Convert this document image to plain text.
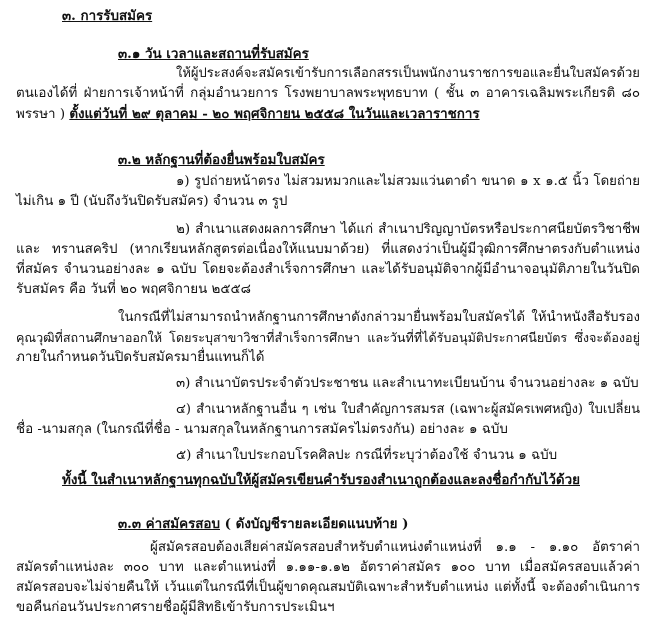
๓. การรับสมัคร
๓.๑ วัน เวลาและสถานที่รับสมัคร
ให้ผู้ประสงค์จะสมัครเข้ารับการเลือกสรรเป็นพนักงานราชการขอและยื่นใบสมัครด้วย
ตนเองได้ที่ ฝ่ายการเจ้าหน้าที่ กลุ่มอำนวยการ โรงพยาบาลพระพุทธบาท ( ชั้น ๓ อาคารเฉลิมพระเกียรติ ๘๐
พรรษา ) ตั้งแต่วันที่ ๒๙ ตุลาคม - ๒๐ พฤศจิกายน ๒๕๕๘ ในวันและเวลาราชการ
๓.๒ หลักฐานที่ต้องยื่นพร้อมใบสมัคร
๑) รูปถ่ายหน้าตรง ไม่สวมหมวกและไม่สวมแว่นตาดำ ขนาด ๑ x ๑.๕ นิ้ว โดยถ่าย
ไม่เกิน ๑ ปี (นับถึงวันปิดรับสมัคร) จำนวน ๓ รูป
๒) สำเนาแสดงผลการศึกษา ได้แก่ สำเนาปริญญาบัตรหรือประกาศนียบัตรวิชาชีพ
และ ทรานสคริป (หากเรียนหลักสูตรต่อเนื่องให้แนบมาด้วย) ที่แสดงว่าเป็นผู้มีวุฒิการศึกษาตรงกับตำแหน่ง
ที่สมัคร จำนวนอย่างละ ๑ ฉบับ โดยจะต้องสำเร็จการศึกษา และได้รับอนุมัติจากผู้มีอำนาจอนุมัติภายในวันปิด
รับสมัคร คือ วันที่ ๒๐ พฤศจิกายน ๒๕๕๘
ในกรณีที่ไม่สามารถนำหลักฐานการศึกษาดังกล่าวมายื่นพร้อมใบสมัครได้ ให้นำหนังสือรับรอง
คุณวุฒิที่สถานศึกษาออกให้ โดยระบุสาขาวิชาที่สำเร็จการศึกษา และวันที่ที่ได้รับอนุมัติประกาศนียบัตร ซึ่งจะต้องอยู่
ภายในกำหนดวันปิดรับสมัครมายื่นแทนก็ได้
๓) สำเนาบัตรประจำตัวประชาชน และสำเนาทะเบียนบ้าน จำนวนอย่างละ ๑ ฉบับ
๔) สำเนาหลักฐานอื่น ๆ เช่น ใบสำคัญการสมรส (เฉพาะผู้สมัครเพศหญิง) ใบเปลี่ยน
ชื่อ -นามสกุล (ในกรณีที่ชื่อ - นามสกุลในหลักฐานการสมัครไม่ตรงกัน) อย่างละ ๑ ฉบับ
๕) สำเนาใบประกอบโรคศิลปะ กรณีที่ระบุว่าต้องใช้ จำนวน ๑ ฉบับ
ทั้งนี้ ในสำเนาหลักฐานทุกฉบับให้ผู้สมัครเขียนคำรับรองสำเนาถูกต้องและลงชื่อกำกับไว้ด้วย
๓.๓ ค่าสมัครสอบ ( ดังบัญชีรายละเอียดแนบท้าย )
ผู้สมัครสอบต้องเสียค่าสมัครสอบสำหรับตำแหน่งตำแหน่งที่ ๑.๑ - ๑.๑๐ อัตราค่า
สมัครตำแหน่งละ ๓๐๐ บาท และตำแหน่งที่ ๑.๑๑-๑.๑๒ อัตราค่าสมัคร ๑๐๐ บาท เมื่อสมัครสอบแล้วค่า
สมัครสอบจะไม่จ่ายคืนให้ เว้นแต่ในกรณีที่เป็นผู้ขาดคุณสมบัติเฉพาะสำหรับตำแหน่ง แต่ทั้งนี้ จะต้องดำเนินการ
ขอคืนก่อนวันประกาศรายชื่อผู้มีสิทธิเข้ารับการประเมินฯ
